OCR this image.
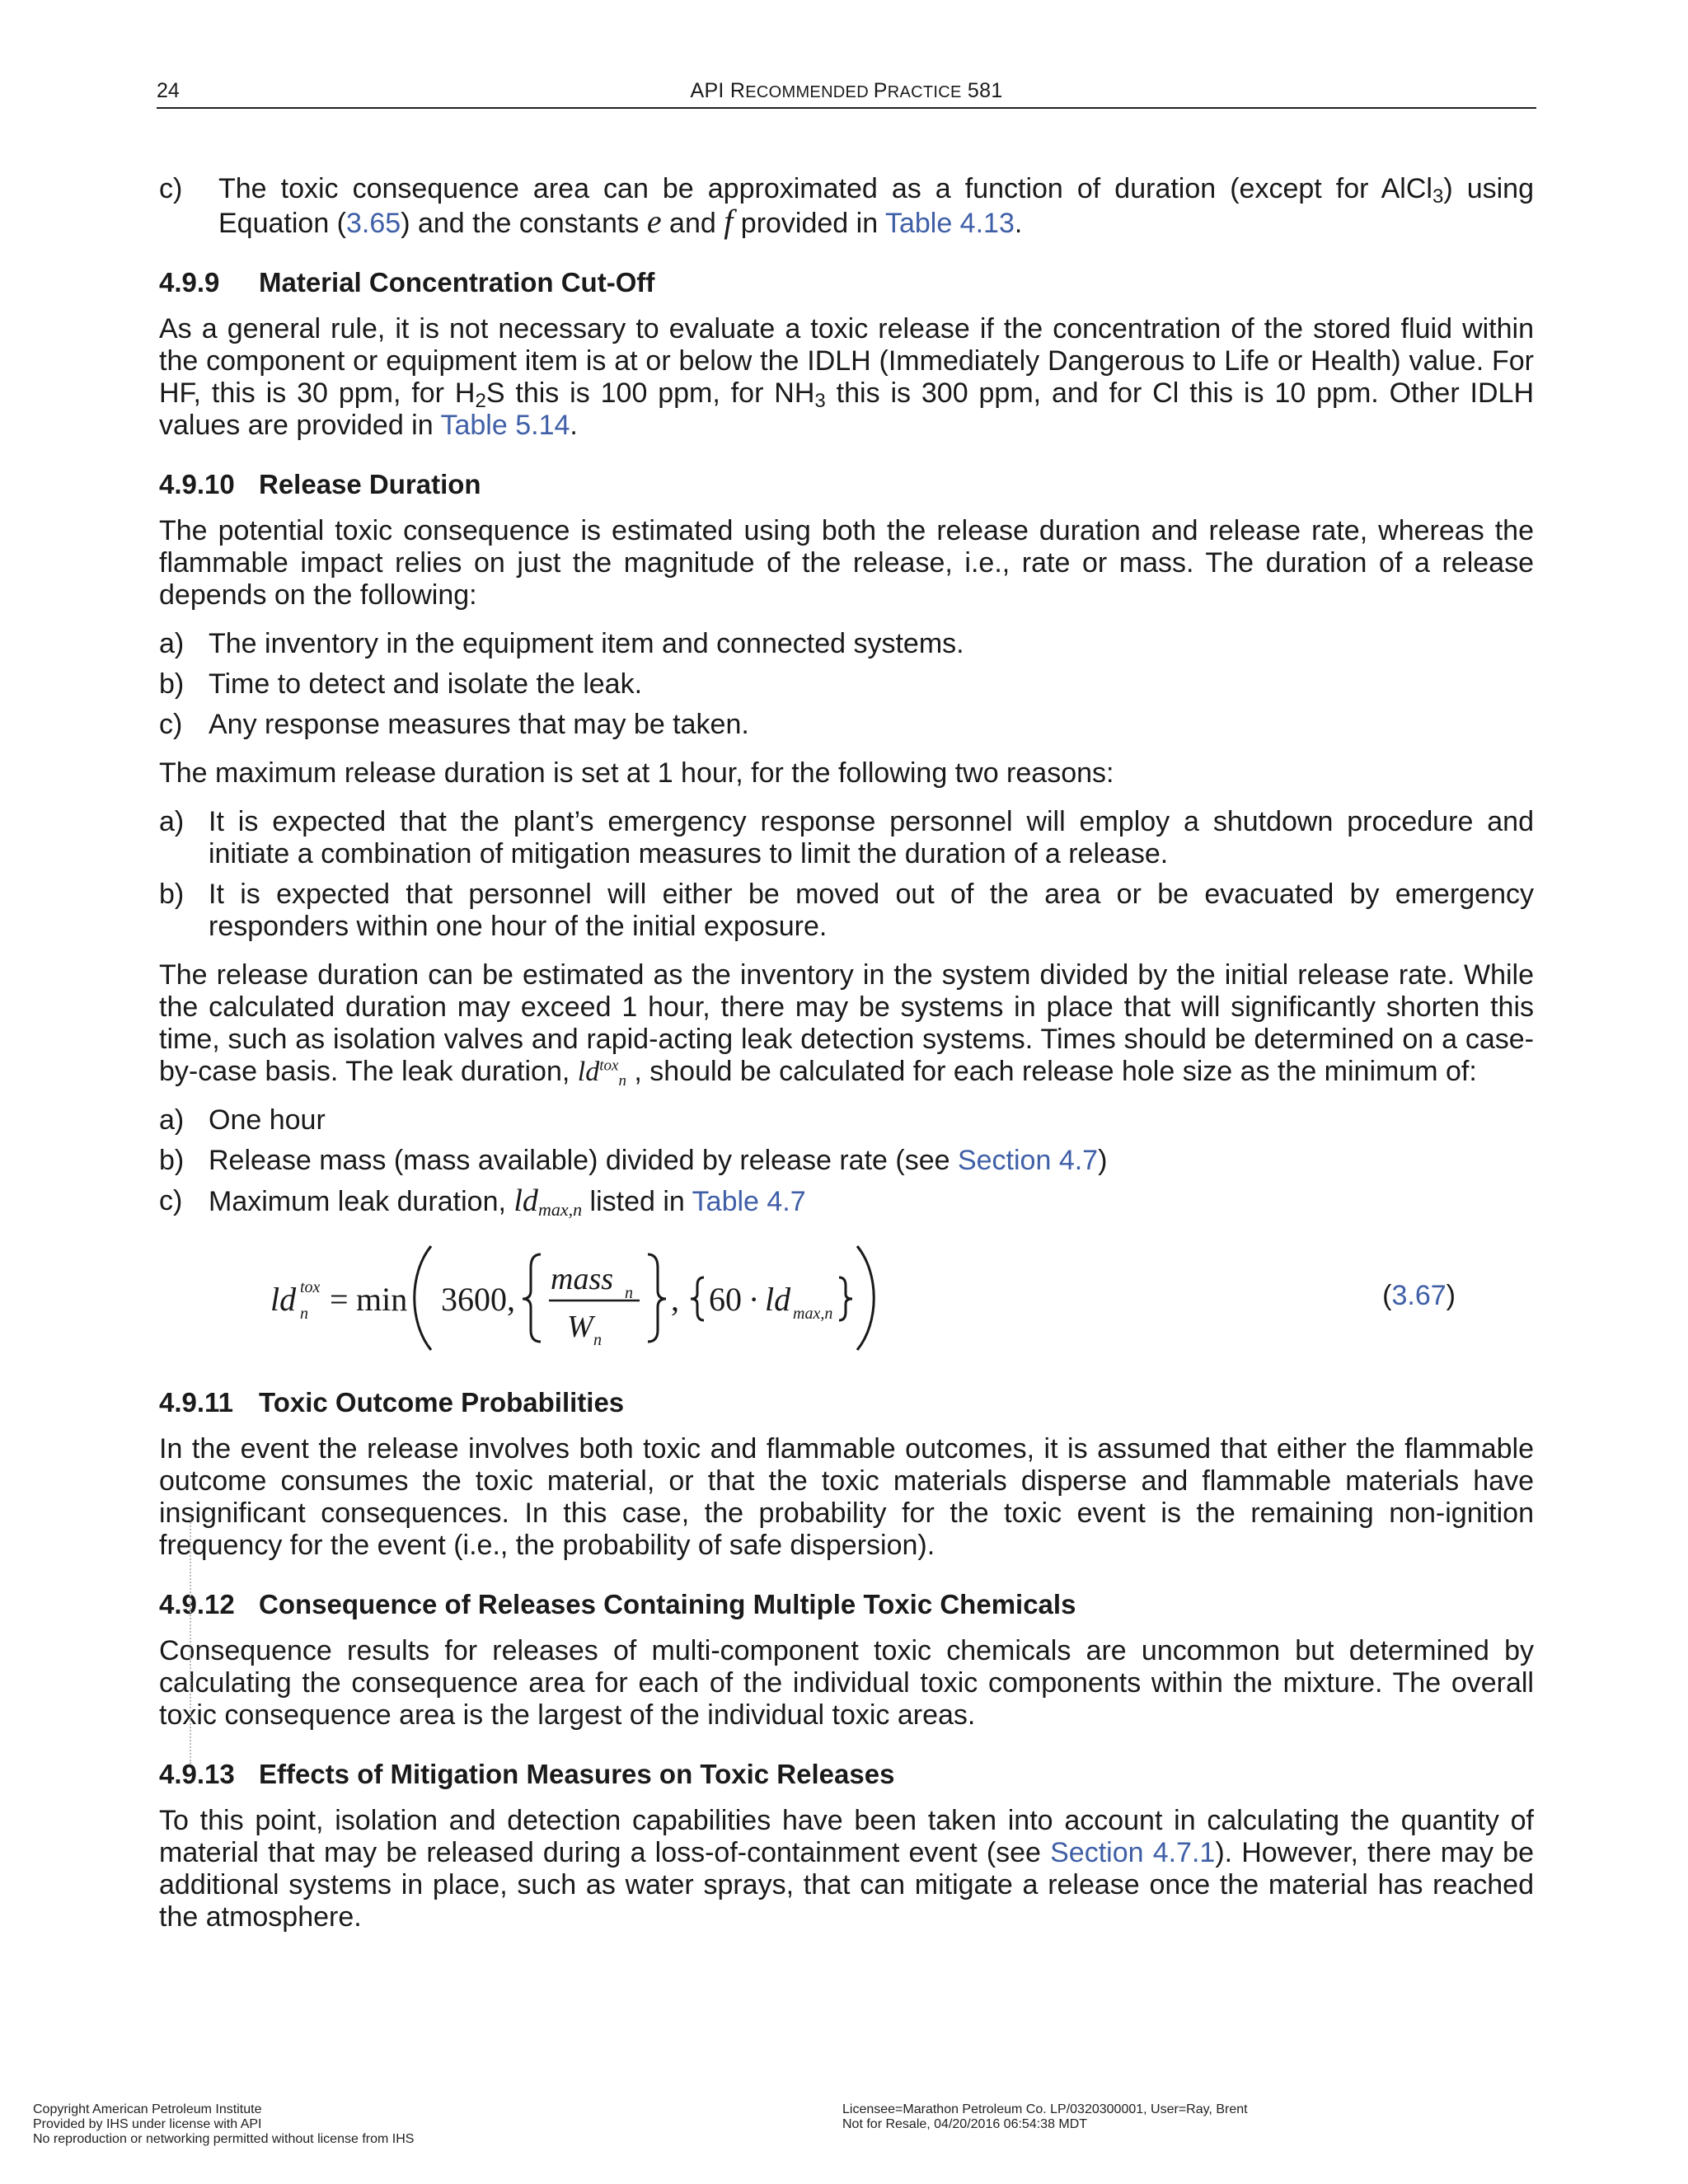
24	API RECOMMENDED PRACTICE 581
c) The toxic consequence area can be approximated as a function of duration (except for AlCl$_3$) using Equation (3.65) and the constants e and f provided in Table 4.13.
4.9.9 Material Concentration Cut-Off

As a general rule, it is not necessary to evaluate a toxic release if the concentration of the stored fluid within the component or equipment item is at or below the IDLH (Immediately Dangerous to Life or Health) value. For HF, this is 30 ppm, for $H_2S$ this is 100 ppm, for $NH_3$ this is 300 ppm, and for Cl this is 10 ppm. Other IDLH values are provided in Table 5.14.

4.9.10 Release Duration

The potential toxic consequence is estimated using both the release duration and release rate, whereas the flammable impact relies on just the magnitude of the release, i.e., rate or mass. The duration of a release depends on the following:

a) The inventory in the equipment item and connected systems.
b) Time to detect and isolate the leak.
c) Any response measures that may be taken.

The maximum release duration is set at 1 hour, for the following two reasons:

a) It is expected that the plant’s emergency response personnel will employ a shutdown procedure and initiate a combination of mitigation measures to limit the duration of a release.
b) It is expected that personnel will either be moved out of the area or be evacuated by emergency responders within one hour of the initial exposure.

The release duration can be estimated as the inventory in the system divided by the initial release rate. While the calculated duration may exceed 1 hour, there may be systems in place that will significantly shorten this time, such as isolation valves and rapid-acting leak detection systems. Times should be determined on a case-by-case basis. The leak duration, $ld^{tox}_n$ , should be calculated for each release hole size as the minimum of:

a) One hour
b) Release mass (mass available) divided by release rate (see Section 4.7)
c) Maximum leak duration, $ld_{max,n}$ listed in Table 4.7
ld tox
n = min 3600,
mass n
W n
, 60 · ld max,n
(3.67)
4.9.11 Toxic Outcome Probabilities

In the event the release involves both toxic and flammable outcomes, it is assumed that either the flammable outcome consumes the toxic material, or that the toxic materials disperse and flammable materials have insignificant consequences. In this case, the probability for the toxic event is the remaining non-ignition frequency for the event (i.e., the probability of safe dispersion).

4.9.12 Consequence of Releases Containing Multiple Toxic Chemicals

Consequence results for releases of multi-component toxic chemicals are uncommon but determined by calculating the consequence area for each of the individual toxic components within the mixture. The overall toxic consequence area is the largest of the individual toxic areas.

4.9.13 Effects of Mitigation Measures on Toxic Releases

To this point, isolation and detection capabilities have been taken into account in calculating the quantity of material that may be released during a loss-of-containment event (see Section 4.7.1). However, there may be additional systems in place, such as water sprays, that can mitigate a release once the material has reached the atmosphere.

Copyright American Petroleum Institute
Provided by IHS under license with API
No reproduction or networking permitted without license from IHS
Licensee=Marathon Petroleum Co. LP/0320300001, User=Ray, Brent
Not for Resale, 04/20/2016 06:54:38 MDT
